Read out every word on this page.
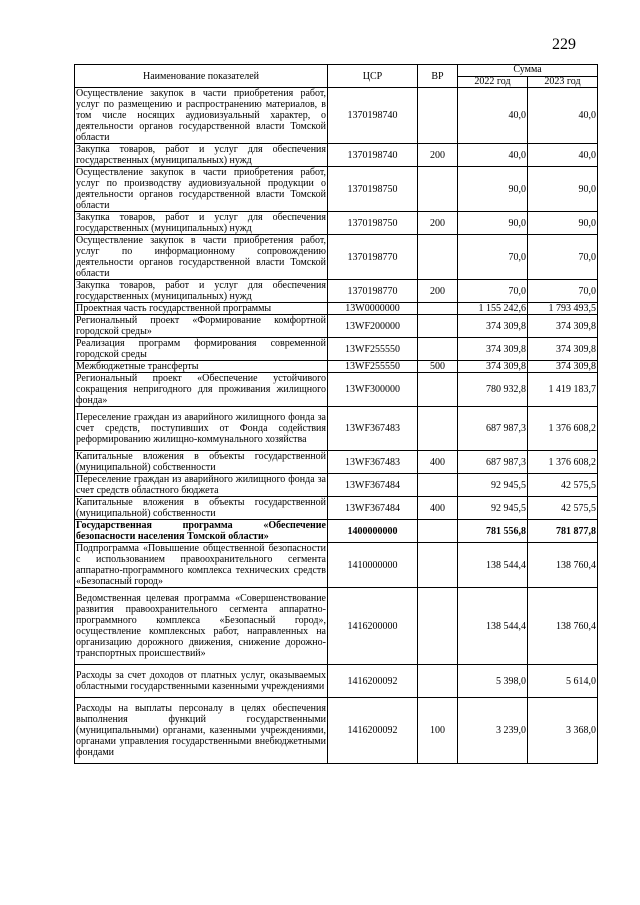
229
Наименование показателей	ЦСР	ВР	Сумма	
			2022 год	2023 год
Осуществление закупок в части приобретения работ, услуг по размещению и распространению материалов, в том числе носящих аудиовизуальный характер, о деятельности органов государственной власти Томской области	1370198740		40,0	40,0
Закупка товаров, работ и услуг для обеспечения государственных (муниципальных) нужд	1370198740	200	40,0	40,0
Осуществление закупок в части приобретения работ, услуг по производству аудиовизуальной продукции о деятельности органов государственной власти Томской области	1370198750		90,0	90,0
Закупка товаров, работ и услуг для обеспечения государственных (муниципальных) нужд	1370198750	200	90,0	90,0
Осуществление закупок в части приобретения работ, услуг по информационному сопровождению деятельности органов государственной власти Томской области	1370198770		70,0	70,0
Закупка товаров, работ и услуг для обеспечения государственных (муниципальных) нужд	1370198770	200	70,0	70,0
Проектная часть государственной программы	13W0000000		1 155 242,6	1 793 493,5
Региональный проект «Формирование комфортной городской среды»	13WF200000		374 309,8	374 309,8
Реализация программ формирования современной городской среды	13WF255550		374 309,8	374 309,8
Межбюджетные трансферты	13WF255550	500	374 309,8	374 309,8
Региональный проект «Обеспечение устойчивого сокращения непригодного для проживания жилищного фонда»	13WF300000		780 932,8	1 419 183,7
Переселение граждан из аварийного жилищного фонда за счет средств, поступивших от Фонда содействия реформированию жилищно-коммунального хозяйства	13WF367483		687 987,3	1 376 608,2
Капитальные вложения в объекты государственной (муниципальной) собственности	13WF367483	400	687 987,3	1 376 608,2
Переселение граждан из аварийного жилищного фонда за счет средств областного бюджета	13WF367484		92 945,5	42 575,5
Капитальные вложения в объекты государственной (муниципальной) собственности	13WF367484	400	92 945,5	42 575,5
Государственная программа «Обеспечение безопасности населения Томской области»	1400000000		781 556,8	781 877,8
Подпрограмма «Повышение общественной безопасности с использованием правоохранительного сегмента аппаратно-программного комплекса технических средств «Безопасный город»	1410000000		138 544,4	138 760,4
Ведомственная целевая программа «Совершенствование развития правоохранительного сегмента аппаратно-программного комплекса «Безопасный город», осуществление комплексных работ, направленных на организацию дорожного движения, снижение дорожно-транспортных происшествий»	1416200000		138 544,4	138 760,4
Расходы за счет доходов от платных услуг, оказываемых областными государственными казенными учреждениями	1416200092		5 398,0	5 614,0
Расходы на выплаты персоналу в целях обеспечения выполнения функций государственными (муниципальными) органами, казенными учреждениями, органами управления государственными внебюджетными фондами	1416200092	100	3 239,0	3 368,0
